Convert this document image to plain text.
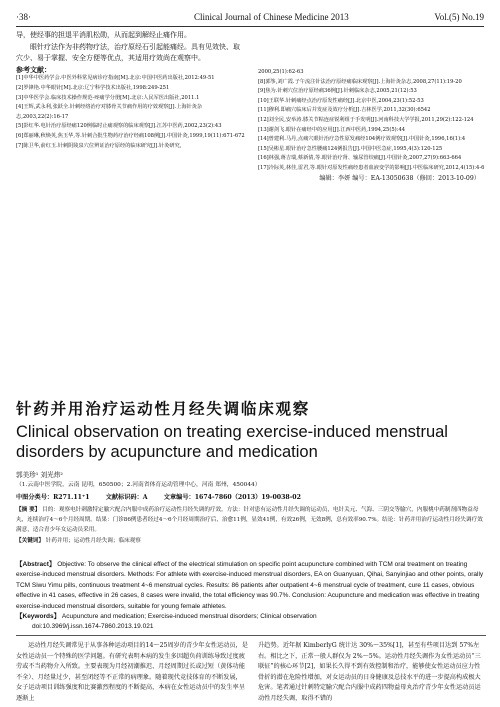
·38·	Clinical Journal of Chinese Medicine 2013	Vol.(5) No.19

导，使经事的担退平消肌松勋，从而起到解经止痛作用。

眼针疗法作为非药物疗法，治疗原经石引起能痛经。具有见效快、取穴少、易于掌握、安全方便等优点，其适用疗效尚在观察中。

参考文献：

[1]中华中医药学会.中医外科常见病诊疗指南[M].北京:中国中医药出版社,2012:49-51

[2]罗锋艳.中华眼针[M].北京:辽宁科学技术出版社,1998:249-251

[3]中华医学会.临床技术操作规范-疼痛学分册[M].北京:人民军医出版社,2011.1

[4]王辉,武永利,张跃全.针刺经络治疗对膝骨关节痛作用的疗效观察[J].上海针灸杂志,2003,22(2):16-17

[5]彭红华.电针治疗原经痛120例临时止痛观察的临床观察[J].江苏中医药,2002,23(2):43

[6]郑丽琳,秋焕英,焦玉华,等.针刺合批生物药疗治疗经痛108例[J].中国针灸,1999,19(11):671-672

[7]陈卫华,俞红玉.针刺阴陵泉穴位辨证治疗原经的临床研究[J].针灸研究,

2000,25(1):62-63

[8]郭筝,刘广霞.子午流注针法治疗原经痛临床观察[J].上海针灸杂志,2008,27(11):19-20

[9]焦为.针刺穴位治疗原经痛36例[J].针刺临床杂志,2005,21(12):53

[10]王联华.针刺痛经点治疗原发性痛经[J].北京中医,2004,23(1):52-53

[11]穆利.即痛穴临床后并发症及效疗分析[J].吉林医学,2011,32(30):6542

[12]刘全民,安举涛.膝关节粘连症锐利组于手发明[J].河南科技大学学报,2011,29(2):122-124

[13]谢剑飞.眼针在痛经中的应用[J].江西中医药,1994,25(5):44

[14]曾建利.马丹,点痛穴眼针治疗急性原发痛经104例疗效观察[J].中国针灸,1996,16(1):4

[15]吴彬星.眼针治疗急性腰痛124例报告[J].中国中医急症,1995,4(3):120-125

[16]林强,蒋吉瑞,蔡新倩,等.眼针治疗肾、输尿管绞痛[J].中国针灸,2007,27(9):663-664

[17]冷际英,林佳,雷君,等.眼针对原发性痛经患者血液变学的影响[J].中医临床研究,2012,4(15):4-6

编辑：李妍 编号：EA-13050638（修回：2013-10-09）

针药并用治疗运动性月经失调临床观察
Clinical observation on treating exercise-induced menstrual disorders by acupuncture and medication
郭美珍¹ 刘光炜²
（1.云南中医学院，云南 昆明，650500；2.河南省体育运动管理中心，河南 郑州，450044）
中图分类号：R271.11⁺1	文献标识码：A	文章编号：1674-7860（2013）19-0038-02
【摘 要】 目的：观察电针刺激特定腧穴配合内服中成药治疗运动性月经失调的疗效。方法：针对患有运动性月经失调的运动员，电针关元、气海、三阴交等腧穴，内服桃中药制剂四物益母丸，连续治疗4～6个月经周期。结果：门诊86例患者经过4～6个月经周期治疗后，治愈11例，显效41例，有效26例，无效8例，总有效率90.7%。结论：针药并用治疗运动性月经失调疗效满意，适合青少年女运动员采用。
【关键词】 针药并用；运动性月经失调；临床观察
【Abstract】 Objective: To observe the clinical effect of the electrical stimulation on specific point acupuncture combined with TCM oral treatment on treating exercise-induced menstrual disorders. Methods: For athlete with exercise-induced menstrual disorders, EA on Guanyuan, Qihai, Sanyinjiao and other points, orally TCM Siwu Yimu pills, continuous treatment 4~6 menstrual cycles. Results: 86 patients after outpatient 4~6 menstrual cycle of treatment, cure 11 cases, obvious effective in 41 cases, effective in 26 cases, 8 cases were invalid, the total efficiency was 90.7%. Conclusion: Acupuncture and medication was effective in treating exercise-induced menstrual disorders, suitable for young female athletes.
【Keywords】 Acupuncture and medication; Exercise-induced menstrual disorders; Clinical observation
doi:10.3969/j.issn.1674-7860.2013.19.021
运动性月经失调常见于从事各种运动项目的14～25周岁的青少年女性运动员，是女性运动员一个特殊的医学问题。有研究表明本病的发生多因超负荷训练导致过度疲劳或不当药物介入所致。主要表现为月经初潮推迟、月经周期过长或过短（黄体功能不全）、月经量过少，甚至闭经等不正常的病理象。随着现代竞技体育的不断发展，女子运动项目训练强度和比赛激烈程度的不断提高，本病在女性运动员中的发生率呈逐渐上
升趋势。近年据 KimberlyG 统计达 30%～35%[1]，甚至有些项目达到 57%左右。相比之下，正常一般人群仅为 2%～5%。运动性月经失调作为女性运动员“三联征”的核心环节[2]，如果长久得不到有效控制和治疗，能够使女性运动员应力性骨折的潜在危险性增加，对女运动员的日身健康及总技水平的进一步提高构成极大危害。笔者通过针刺特定腧穴配合内服中成药四物益母丸治疗青少年女性运动员运动性月经失调，取得不错的
